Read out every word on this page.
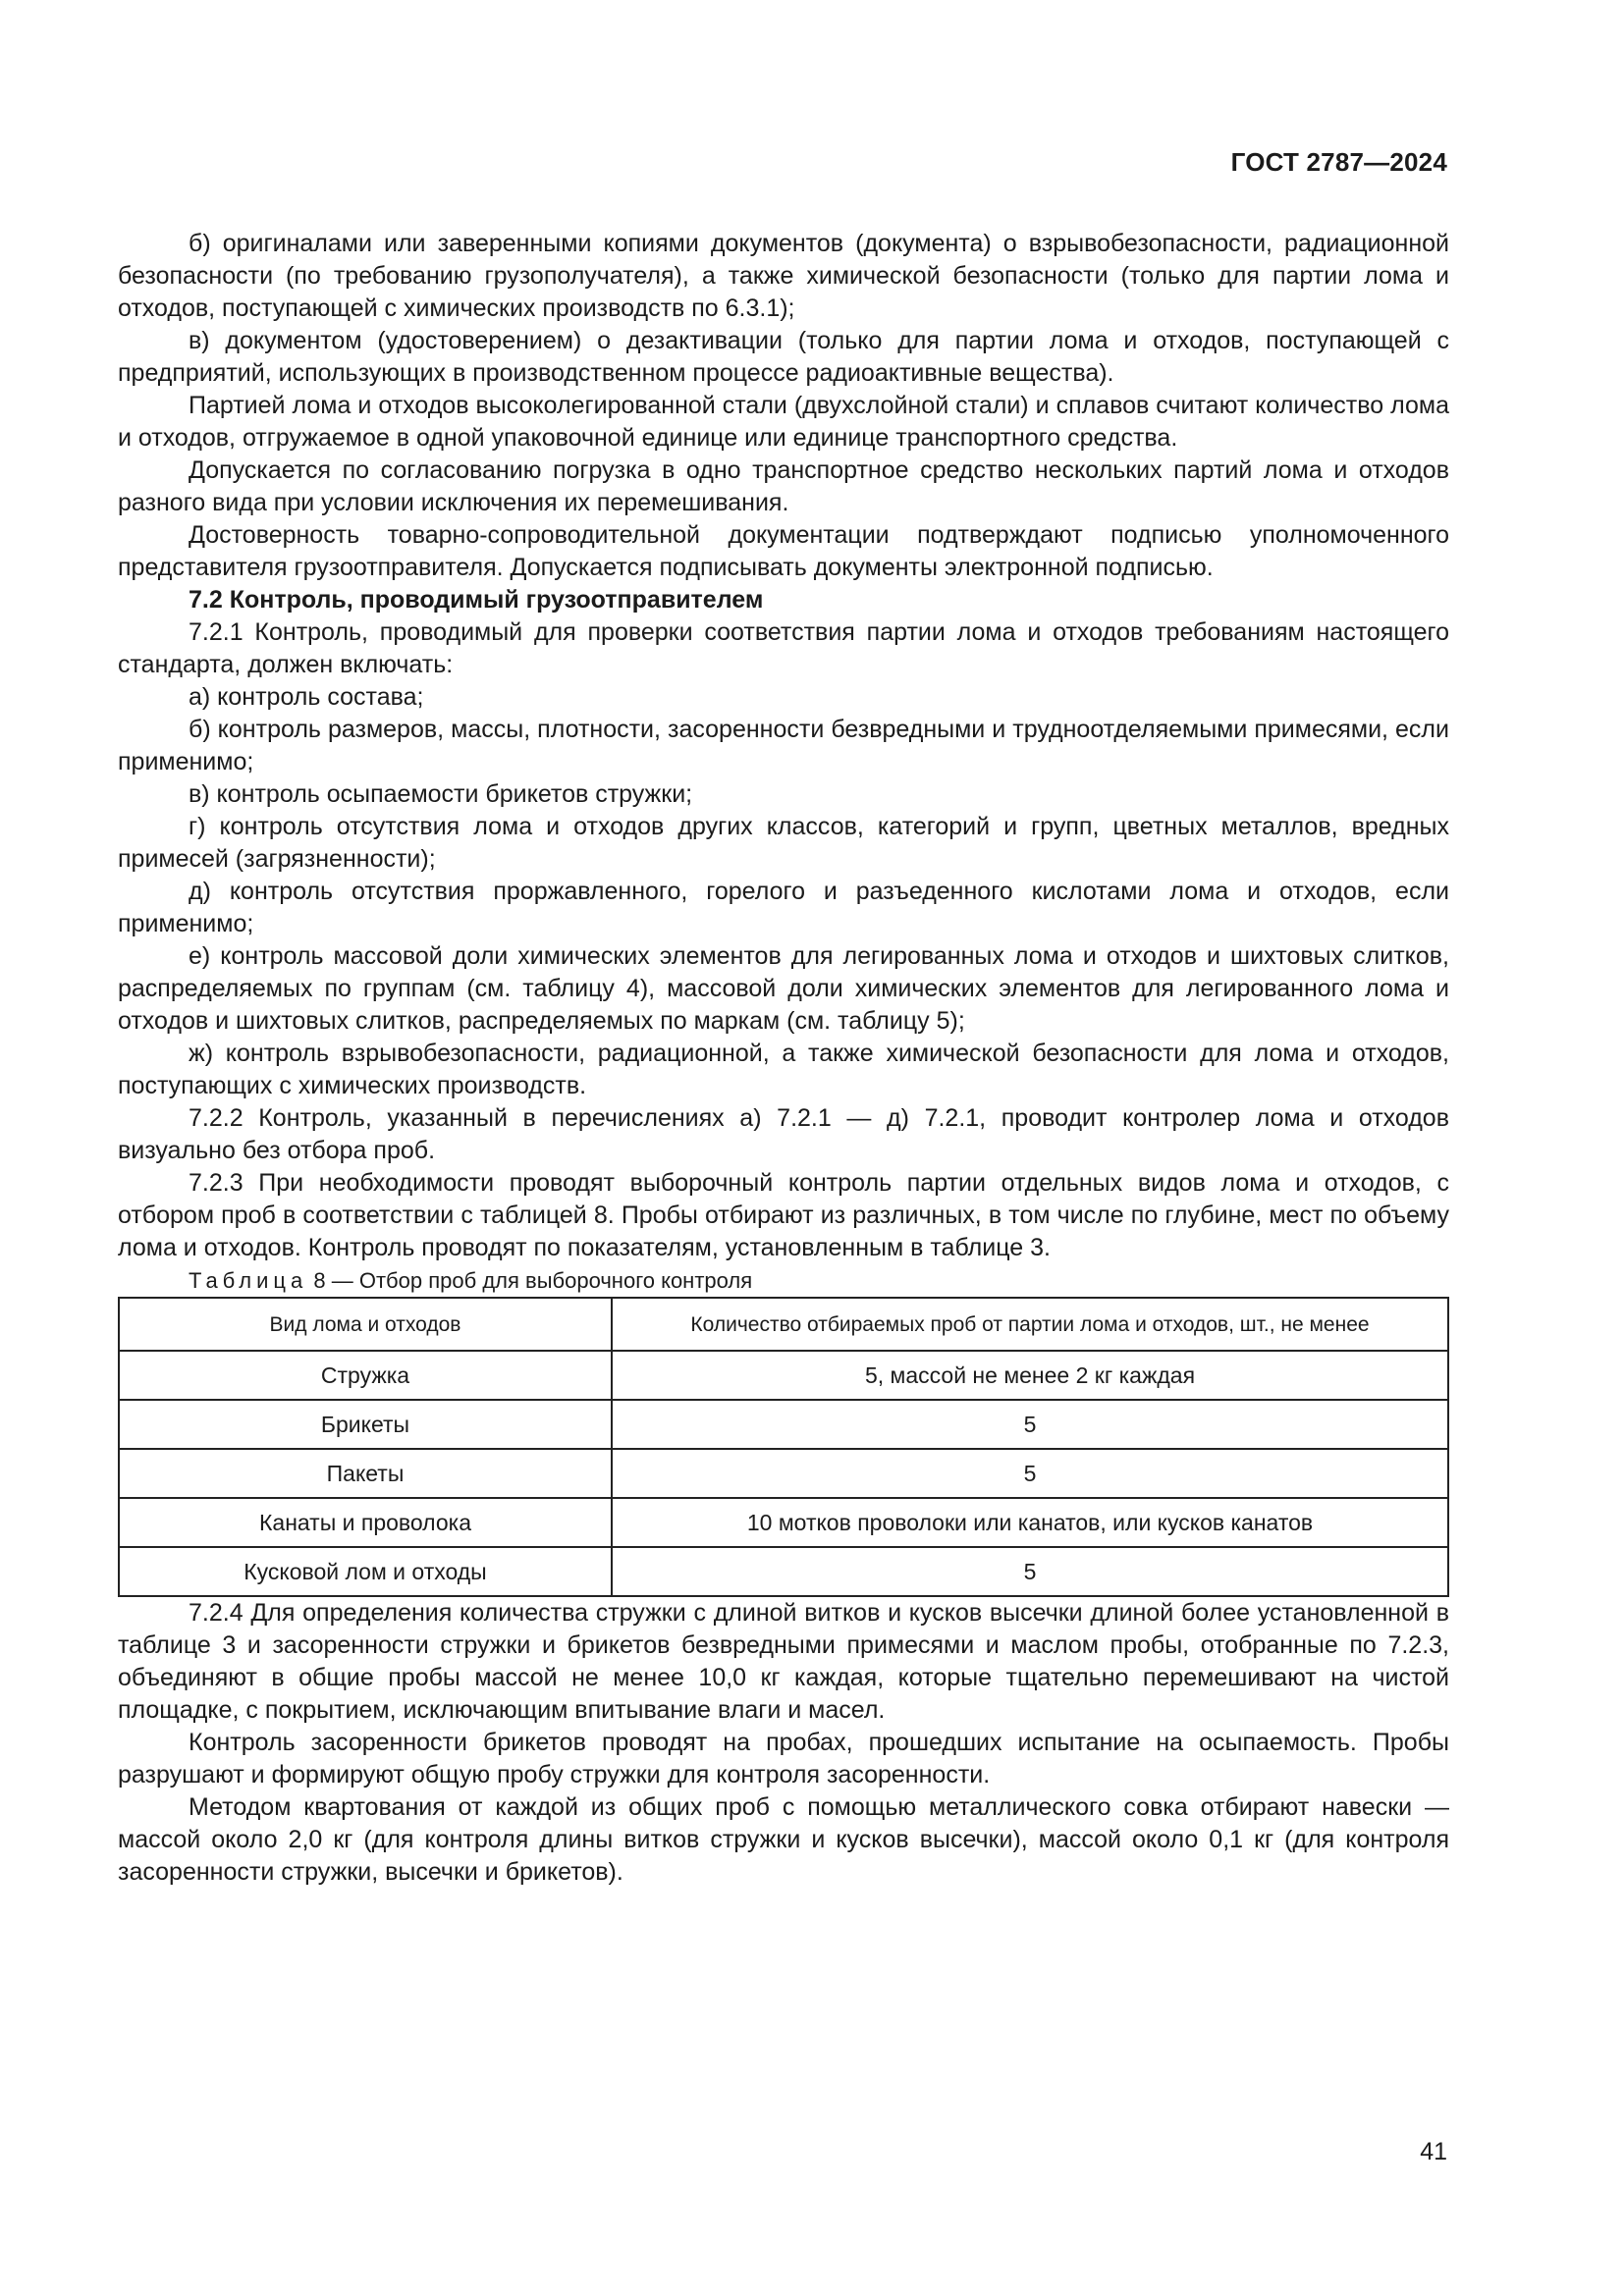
ГОСТ 2787—2024

б) оригиналами или заверенными копиями документов (документа) о взрывобезопасности, радиационной безопасности (по требованию грузополучателя), а также химической безопасности (только для партии лома и отходов, поступающей с химических производств по 6.3.1);

в) документом (удостоверением) о дезактивации (только для партии лома и отходов, поступающей с предприятий, использующих в производственном процессе радиоактивные вещества).

Партией лома и отходов высоколегированной стали (двухслойной стали) и сплавов считают количество лома и отходов, отгружаемое в одной упаковочной единице или единице транспортного средства.

Допускается по согласованию погрузка в одно транспортное средство нескольких партий лома и отходов разного вида при условии исключения их перемешивания.

Достоверность товарно-сопроводительной документации подтверждают подписью уполномоченного представителя грузоотправителя. Допускается подписывать документы электронной подписью.

7.2 Контроль, проводимый грузоотправителем

7.2.1 Контроль, проводимый для проверки соответствия партии лома и отходов требованиям настоящего стандарта, должен включать:

а) контроль состава;

б) контроль размеров, массы, плотности, засоренности безвредными и трудноотделяемыми примесями, если применимо;

в) контроль осыпаемости брикетов стружки;

г) контроль отсутствия лома и отходов других классов, категорий и групп, цветных металлов, вредных примесей (загрязненности);

д) контроль отсутствия проржавленного, горелого и разъеденного кислотами лома и отходов, если применимо;

е) контроль массовой доли химических элементов для легированных лома и отходов и шихтовых слитков, распределяемых по группам (см. таблицу 4), массовой доли химических элементов для легированного лома и отходов и шихтовых слитков, распределяемых по маркам (см. таблицу 5);

ж) контроль взрывобезопасности, радиационной, а также химической безопасности для лома и отходов, поступающих с химических производств.

7.2.2 Контроль, указанный в перечислениях а) 7.2.1 — д) 7.2.1, проводит контролер лома и отходов визуально без отбора проб.

7.2.3 При необходимости проводят выборочный контроль партии отдельных видов лома и отходов, с отбором проб в соответствии с таблицей 8. Пробы отбирают из различных, в том числе по глубине, мест по объему лома и отходов. Контроль проводят по показателям, установленным в таблице 3.

Таблица 8 — Отбор проб для выборочного контроля

Вид лома и отходов	Количество отбираемых проб от партии лома и отходов, шт., не менее
Стружка	5, массой не менее 2 кг каждая
Брикеты	5
Пакеты	5
Канаты и проволока	10 мотков проволоки или канатов, или кусков канатов
Кусковой лом и отходы	5

7.2.4 Для определения количества стружки с длиной витков и кусков высечки длиной более установленной в таблице 3 и засоренности стружки и брикетов безвредными примесями и маслом пробы, отобранные по 7.2.3, объединяют в общие пробы массой не менее 10,0 кг каждая, которые тщательно перемешивают на чистой площадке, с покрытием, исключающим впитывание влаги и масел.

Контроль засоренности брикетов проводят на пробах, прошедших испытание на осыпаемость. Пробы разрушают и формируют общую пробу стружки для контроля засоренности.

Методом квартования от каждой из общих проб с помощью металлического совка отбирают навески — массой около 2,0 кг (для контроля длины витков стружки и кусков высечки), массой около 0,1 кг (для контроля засоренности стружки, высечки и брикетов).

41
